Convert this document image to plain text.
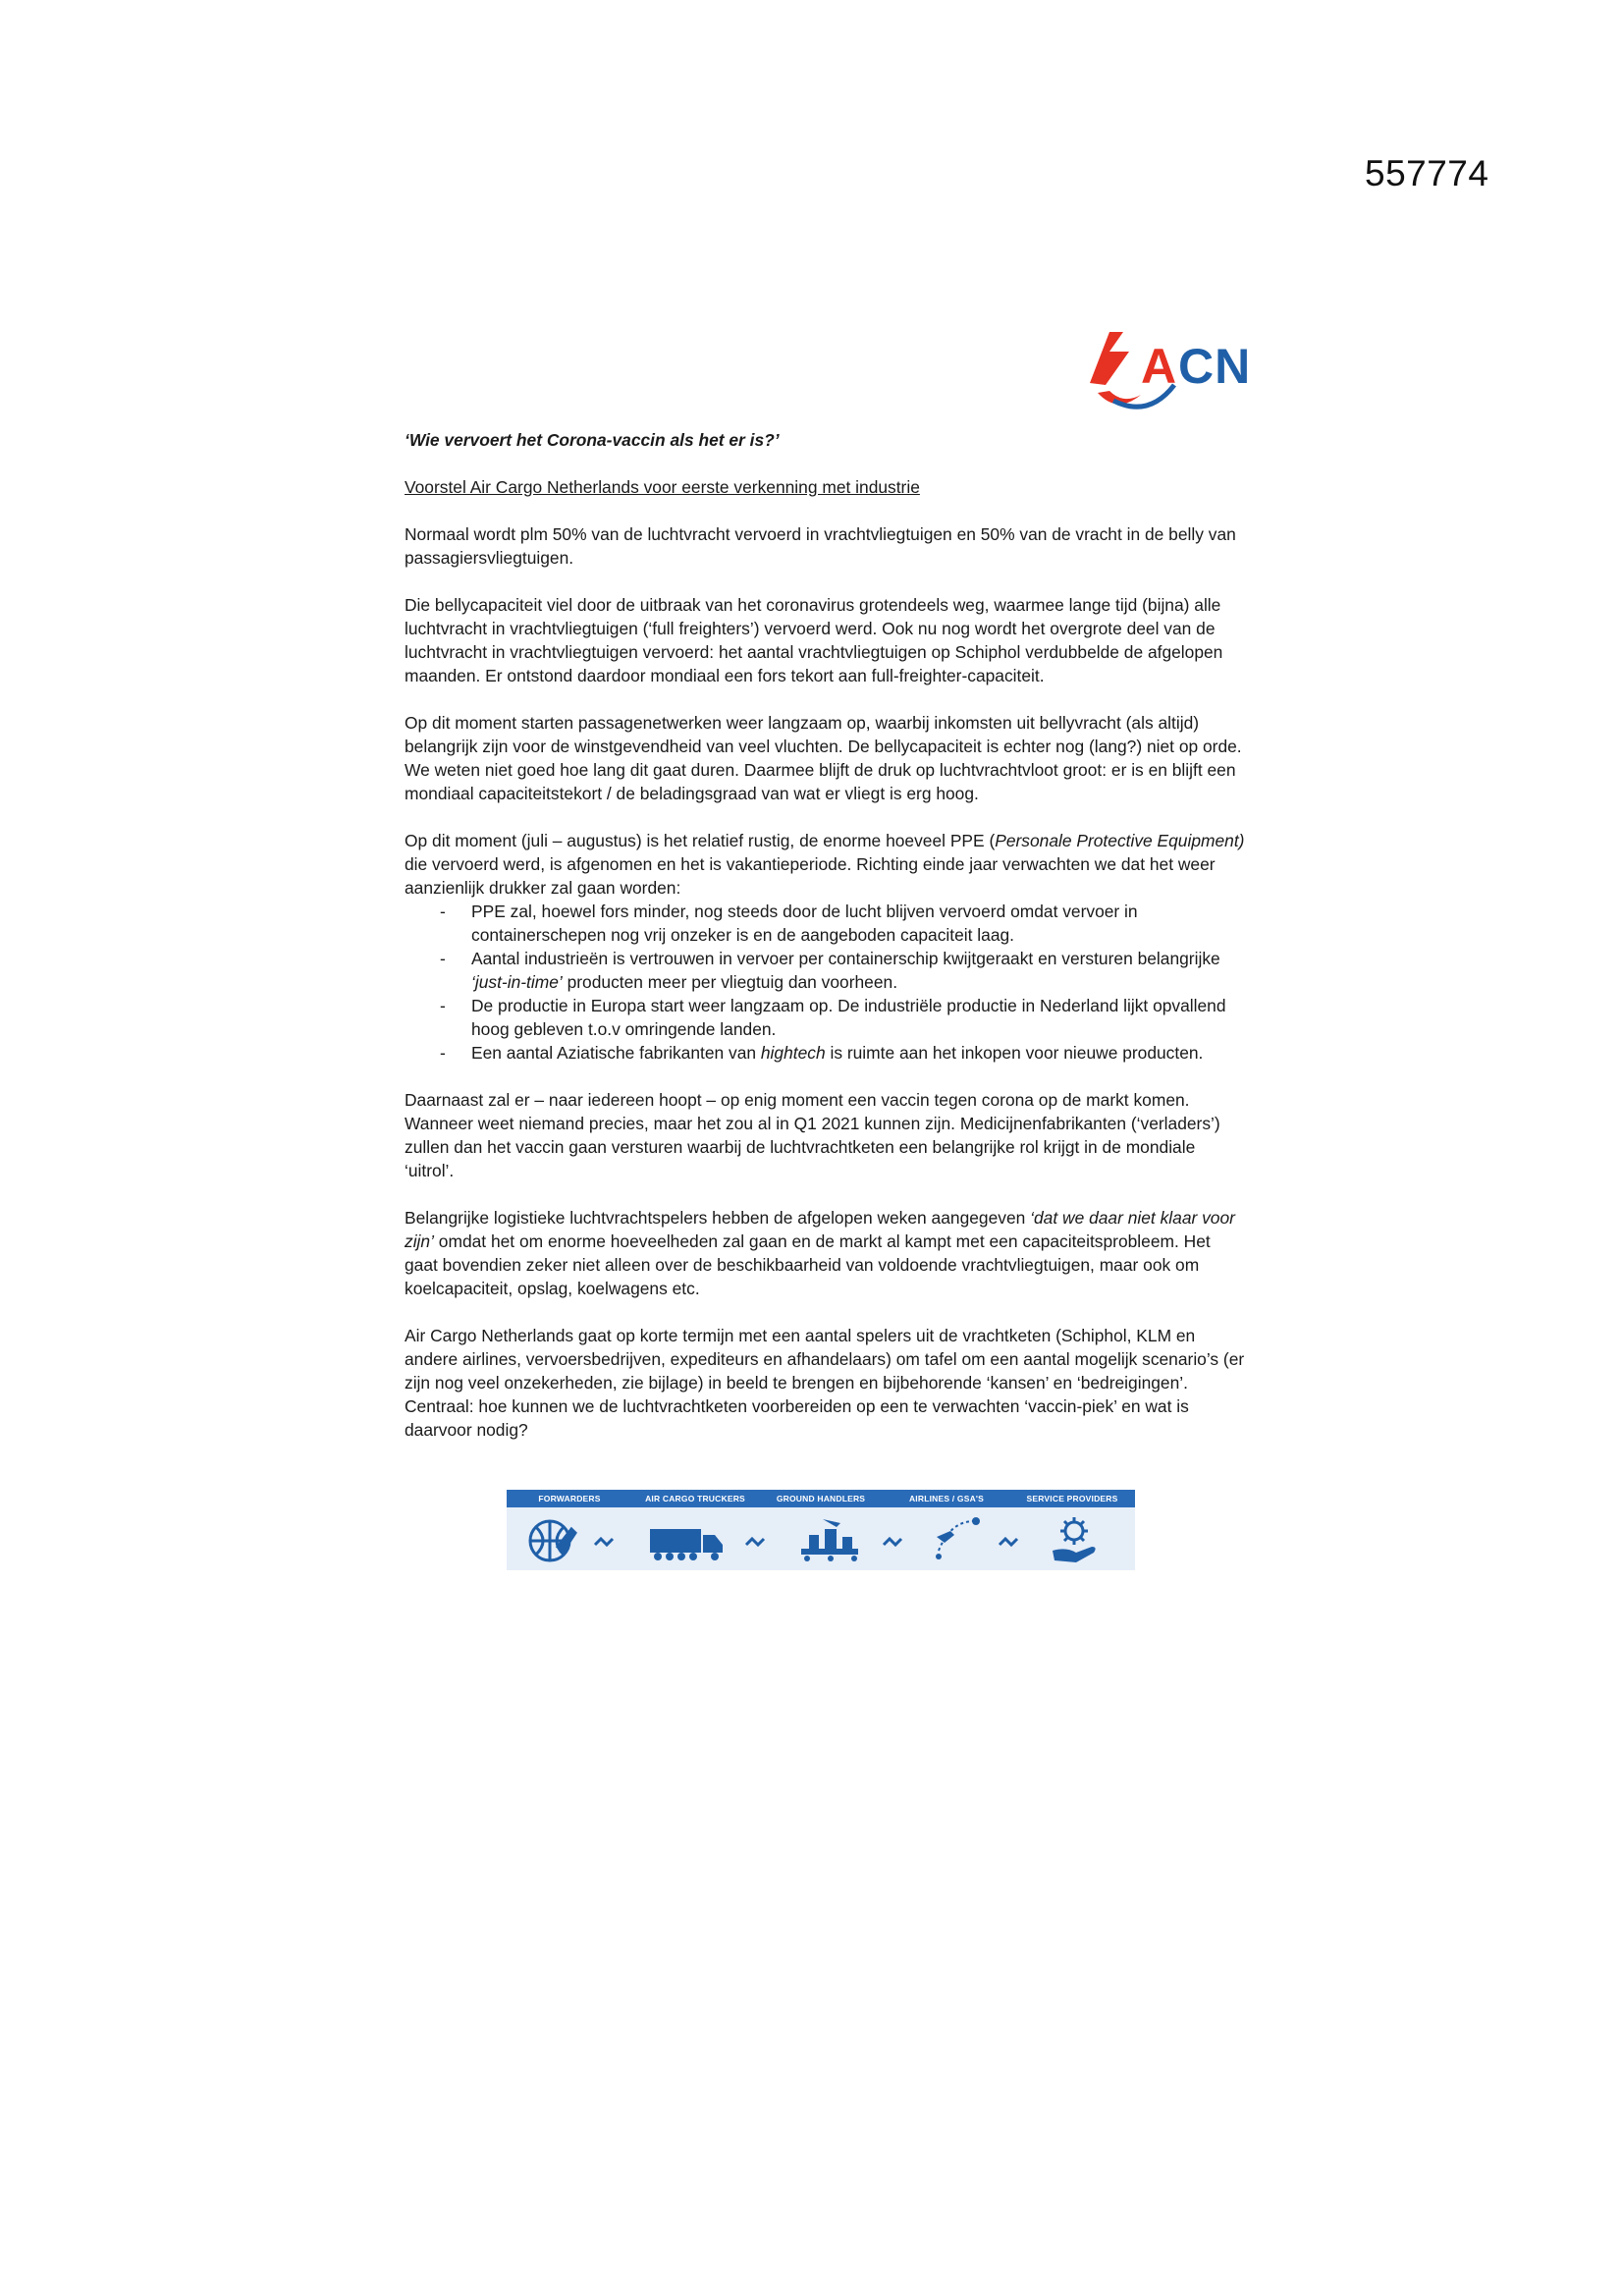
557774
A CN

‘Wie vervoert het Corona-vaccin als het er is?’

Voorstel Air Cargo Netherlands voor eerste verkenning met industrie

Normaal wordt plm 50% van de luchtvracht vervoerd in vrachtvliegtuigen en 50% van de vracht in de belly van passagiersvliegtuigen.

Die bellycapaciteit viel door de uitbraak van het coronavirus grotendeels weg, waarmee lange tijd (bijna) alle luchtvracht in vrachtvliegtuigen (‘full freighters’) vervoerd werd. Ook nu nog wordt het overgrote deel van de luchtvracht in vrachtvliegtuigen vervoerd: het aantal vrachtvliegtuigen op Schiphol verdubbelde de afgelopen maanden. Er ontstond daardoor mondiaal een fors tekort aan full-freighter-capaciteit.

Op dit moment starten passagenetwerken weer langzaam op, waarbij inkomsten uit bellyvracht (als altijd) belangrijk zijn voor de winstgevendheid van veel vluchten. De bellycapaciteit is echter nog (lang?) niet op orde. We weten niet goed hoe lang dit gaat duren. Daarmee blijft de druk op luchtvrachtvloot groot: er is en blijft een mondiaal capaciteitstekort / de beladingsgraad van wat er vliegt is erg hoog.

Op dit moment (juli – augustus) is het relatief rustig, de enorme hoeveel PPE (Personale Protective Equipment) die vervoerd werd, is afgenomen en het is vakantieperiode. Richting einde jaar verwachten we dat het weer aanzienlijk drukker zal gaan worden:

- PPE zal, hoewel fors minder, nog steeds door de lucht blijven vervoerd omdat vervoer in containerschepen nog vrij onzeker is en de aangeboden capaciteit laag.
- Aantal industrieën is vertrouwen in vervoer per containerschip kwijtgeraakt en versturen belangrijke ‘just-in-time’ producten meer per vliegtuig dan voorheen.
- De productie in Europa start weer langzaam op. De industriële productie in Nederland lijkt opvallend hoog gebleven t.o.v omringende landen.
- Een aantal Aziatische fabrikanten van hightech is ruimte aan het inkopen voor nieuwe producten.

Daarnaast zal er – naar iedereen hoopt – op enig moment een vaccin tegen corona op de markt komen. Wanneer weet niemand precies, maar het zou al in Q1 2021 kunnen zijn. Medicijnenfabrikanten (‘verladers’) zullen dan het vaccin gaan versturen waarbij de luchtvrachtketen een belangrijke rol krijgt in de mondiale ‘uitrol’.

Belangrijke logistieke luchtvrachtspelers hebben de afgelopen weken aangegeven ‘dat we daar niet klaar voor zijn’ omdat het om enorme hoeveelheden zal gaan en de markt al kampt met een capaciteitsprobleem. Het gaat bovendien zeker niet alleen over de beschikbaarheid van voldoende vrachtvliegtuigen, maar ook om koelcapaciteit, opslag, koelwagens etc.

Air Cargo Netherlands gaat op korte termijn met een aantal spelers uit de vrachtketen (Schiphol, KLM en andere airlines, vervoersbedrijven, expediteurs en afhandelaars) om tafel om een aantal mogelijk scenario’s (er zijn nog veel onzekerheden, zie bijlage) in beeld te brengen en bijbehorende ‘kansen’ en ‘bedreigingen’. Centraal: hoe kunnen we de luchtvrachtketen voorbereiden op een te verwachten ‘vaccin-piek’ en wat is daarvoor nodig?

FORWARDERS	AIR CARGO TRUCKERS	GROUND HANDLERS	AIRLINES / GSA'S	SERVICE PROVIDERS
